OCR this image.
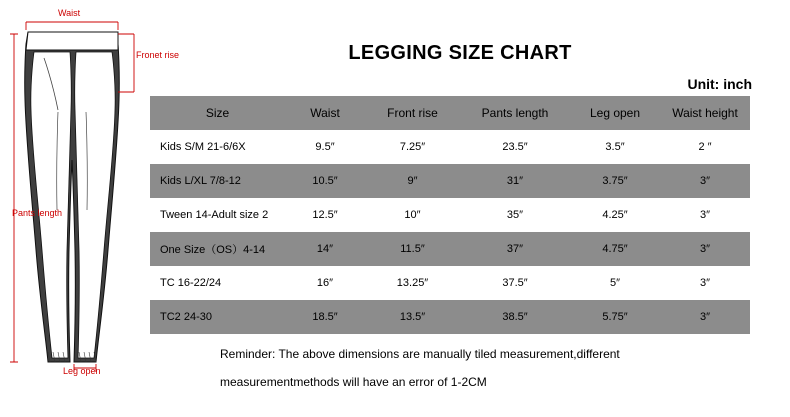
Waist
Fronet rise
Pants length
Leg open
LEGGING SIZE CHART
Unit: inch
Size	Waist	Front rise	Pants length	Leg open	Waist height
Kids S/M 21-6/6X	9.5″	7.25″	23.5″	3.5″	2 ″
Kids L/XL 7/8-12	10.5″	9″	31″	3.75″	3″
Tween 14-Adult size 2	12.5″	10″	35″	4.25″	3″
One Size（OS）4-14	14″	11.5″	37″	4.75″	3″
TC 16-22/24	16″	13.25″	37.5″	5″	3″
TC2 24-30	18.5″	13.5″	38.5″	5.75″	3″
Reminder: The above dimensions are manually tiled measurement,different
measurementmethods will have an error of 1-2CM
